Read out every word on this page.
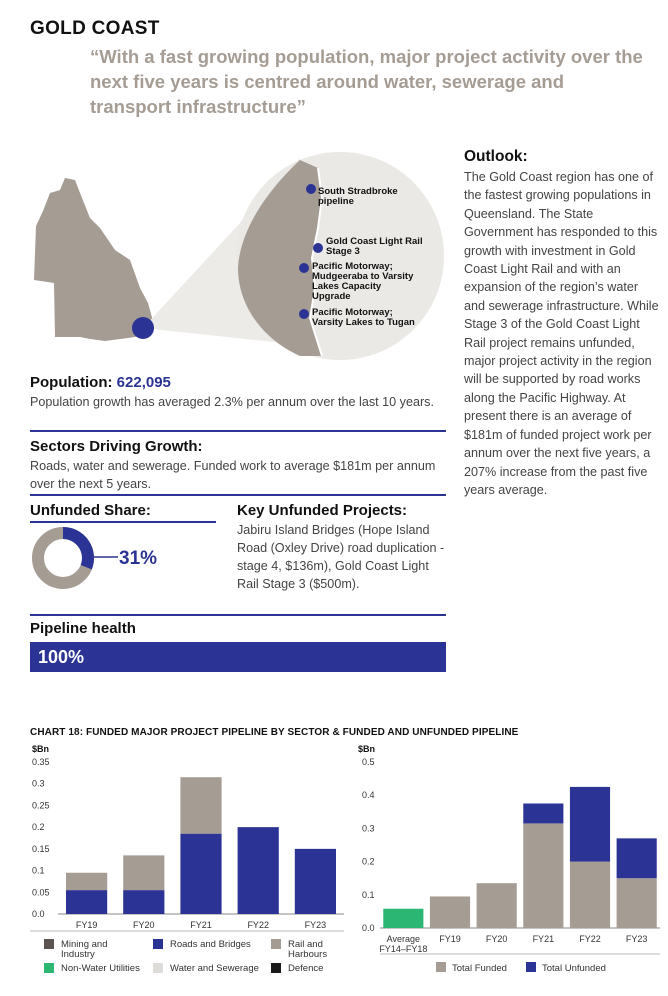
GOLD COAST
“With a fast growing population, major project activity over the next five years is centred around water, sewerage and transport infrastructure”
South Stradbroke pipeline
Gold Coast Light Rail Stage 3
Pacific Motorway; Mudgeeraba to Varsity Lakes Capacity Upgrade
Pacific Motorway; Varsity Lakes to Tugan
Outlook:
The Gold Coast region has one of the fastest growing populations in Queensland. The State Government has responded to this growth with investment in Gold Coast Light Rail and with an expansion of the region’s water and sewerage infrastructure. While Stage 3 of the Gold Coast Light Rail project remains unfunded, major project activity in the region will be supported by road works along the Pacific Highway. At present there is an average of $181m of funded project work per annum over the next five years, a 207% increase from the past five years average.
Population: 622,095
Population growth has averaged 2.3% per annum over the last 10 years.
Sectors Driving Growth:
Roads, water and sewerage. Funded work to average $181m per annum over the next 5 years.
Unfunded Share:
31%
Key Unfunded Projects:
Jabiru Island Bridges (Hope Island Road (Oxley Drive) road duplication - stage 4, $136m), Gold Coast Light Rail Stage 3 ($500m).
Pipeline health
100%
CHART 18: FUNDED MAJOR PROJECT PIPELINE BY SECTOR & FUNDED AND UNFUNDED PIPELINE
$Bn
0.0
0.05
0.1
0.15
0.2
0.25
0.3
0.35
FY19	FY20	FY21	FY22	FY23
Mining and Industry
Roads and Bridges	Rail and Harbours
Non-Water Utilities	Water and Sewerage	Defence
$Bn
0.0
0.1
0.2
0.3
0.4
0.5
Average FY14–FY18
FY19	FY20	FY21	FY22	FY23
Total Funded	Total Unfunded
